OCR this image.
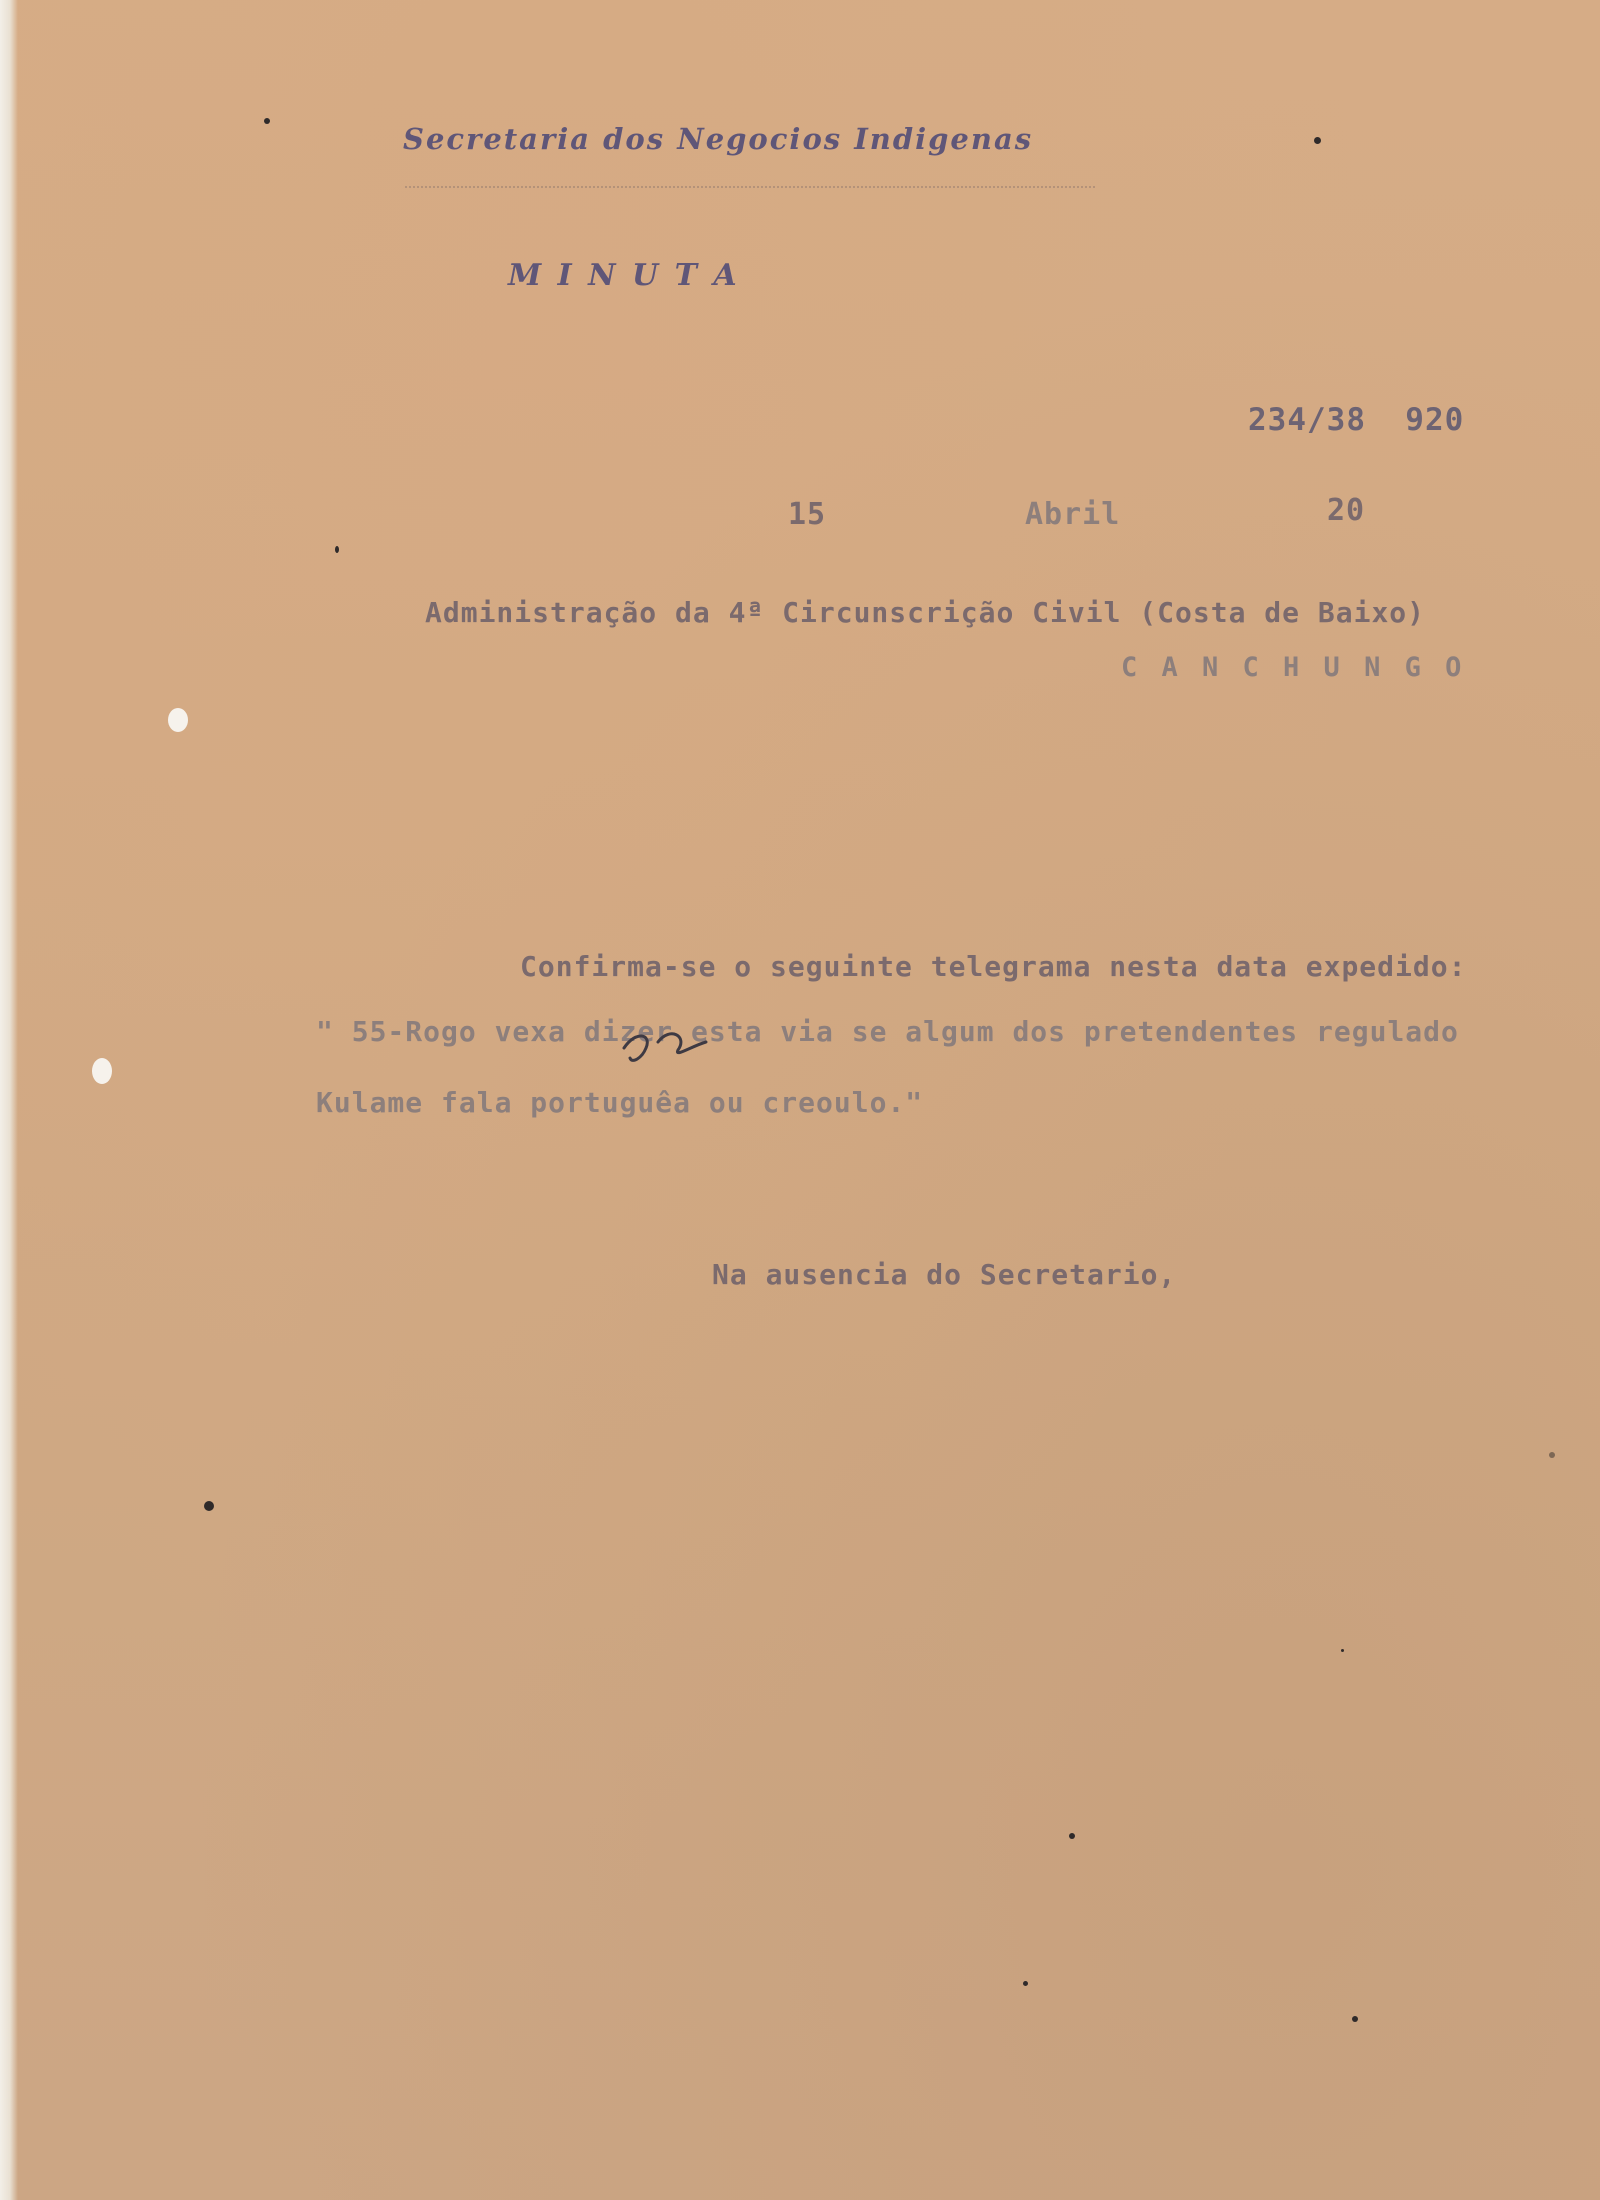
Secretaria dos Negocios Indigenas

M I N U T A

234/38  920

15	Abril	20

Administração da 4ª Circunscrição Civil (Costa de Baixo)

C A N C H U N G O

Confirma-se o seguinte telegrama nesta data expedido:

" 55-Rogo vexa dizer esta via se algum dos pretendentes regulado

Kulame fala portuguêa ou creoulo."

Na ausencia do Secretario,
